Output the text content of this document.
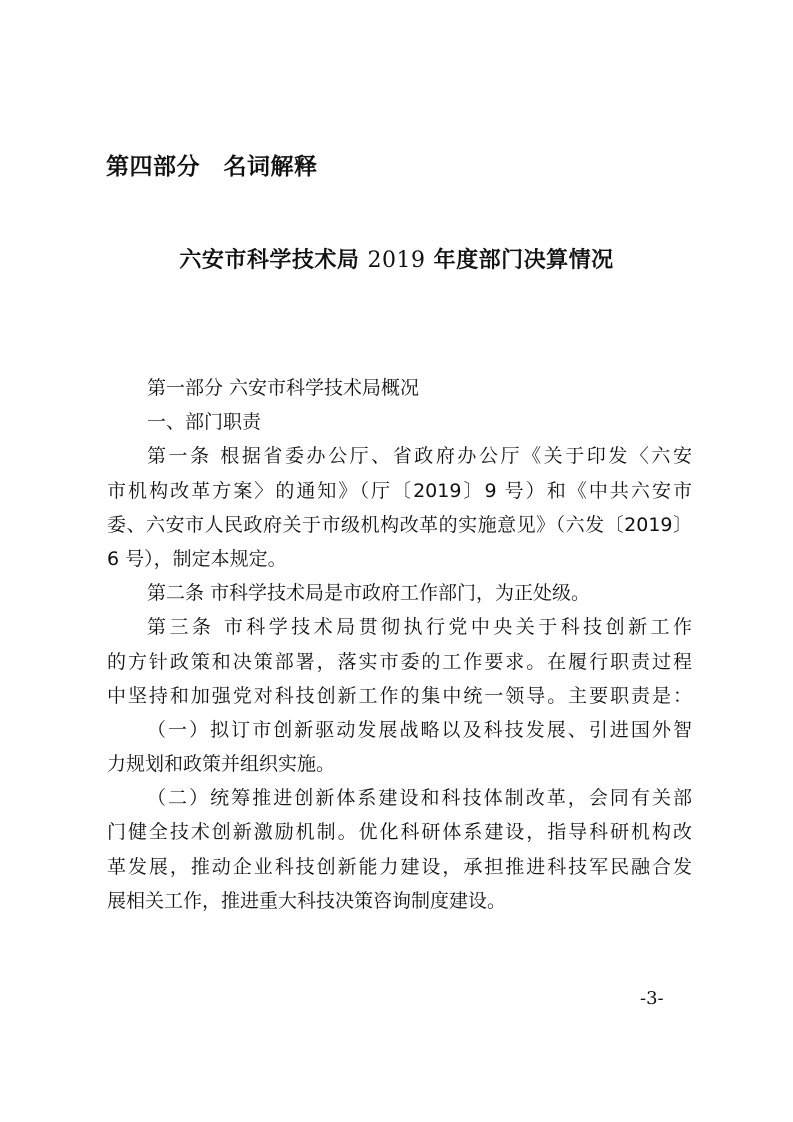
第四部分　名词解释
六安市科学技术局 2019 年度部门决算情况
第一部分 六安市科学技术局概况
一、部门职责
第一条 根据省委办公厅、省政府办公厅《关于印发〈六安
市机构改革方案〉的通知》（厅〔2019〕9 号）和《中共六安市
委、六安市人民政府关于市级机构改革的实施意见》（六发〔2019〕
6 号），制定本规定。
第二条 市科学技术局是市政府工作部门，为正处级。
第三条 市科学技术局贯彻执行党中央关于科技创新工作
的方针政策和决策部署，落实市委的工作要求。在履行职责过程
中坚持和加强党对科技创新工作的集中统一领导。主要职责是：
（一）拟订市创新驱动发展战略以及科技发展、引进国外智
力规划和政策并组织实施。
（二）统筹推进创新体系建设和科技体制改革，会同有关部
门健全技术创新激励机制。优化科研体系建设，指导科研机构改
革发展，推动企业科技创新能力建设，承担推进科技军民融合发
展相关工作，推进重大科技决策咨询制度建设。
-3-
